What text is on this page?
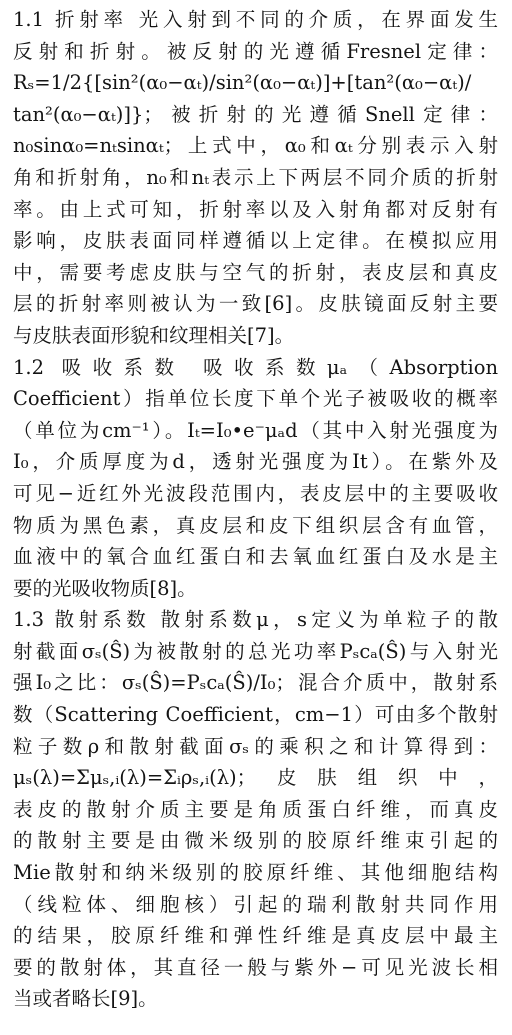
1.1 折射率 光入射到不同的介质，在界面发生
反射和折射。被反射的光遵循Fresnel定律：
Rₛ=1/2{[sin²(α₀−αₜ)/sin²(α₀−αₜ)]+[tan²(α₀−αₜ)/
tan²(α₀−αₜ)]}；被折射的光遵循Snell定律：
n₀sinα₀=nₜsinαₜ；上式中，α₀和αₜ分别表示入射
角和折射角，n₀和nₜ表示上下两层不同介质的折射
率。由上式可知，折射率以及入射角都对反射有
影响，皮肤表面同样遵循以上定律。在模拟应用
中，需要考虑皮肤与空气的折射，表皮层和真皮
层的折射率则被认为一致[6]。皮肤镜面反射主要
与皮肤表面形貌和纹理相关[7]。
1.2 吸收系数 吸收系数μₐ（Absorption
Coefficient）指单位长度下单个光子被吸收的概率
（单位为cm⁻¹）。Iₜ=I₀•e⁻μₐd（其中入射光强度为
I₀，介质厚度为d，透射光强度为It）。在紫外及
可见−近红外光波段范围内，表皮层中的主要吸收
物质为黑色素，真皮层和皮下组织层含有血管，
血液中的氧合血红蛋白和去氧血红蛋白及水是主
要的光吸收物质[8]。
1.3 散射系数 散射系数μ，s定义为单粒子的散
射截面σₛ(Ŝ)为被散射的总光功率Pₛcₐ(Ŝ)与入射光
强I₀之比：σₛ(Ŝ)=Pₛcₐ(Ŝ)/I₀；混合介质中，散射系
数（Scattering Coefficient，cm−1）可由多个散射
粒子数ρ和散射截面σₛ的乘积之和计算得到：
μₛ(λ)=Σμₛ,ᵢ(λ)=Σᵢρₛ,ᵢ(λ)；皮肤组织中，
表皮的散射介质主要是角质蛋白纤维，而真皮
的散射主要是由微米级别的胶原纤维束引起的
Mie散射和纳米级别的胶原纤维、其他细胞结构
（线粒体、细胞核）引起的瑞利散射共同作用
的结果，胶原纤维和弹性纤维是真皮层中最主
要的散射体，其直径一般与紫外−可见光波长相
当或者略长[9]。
